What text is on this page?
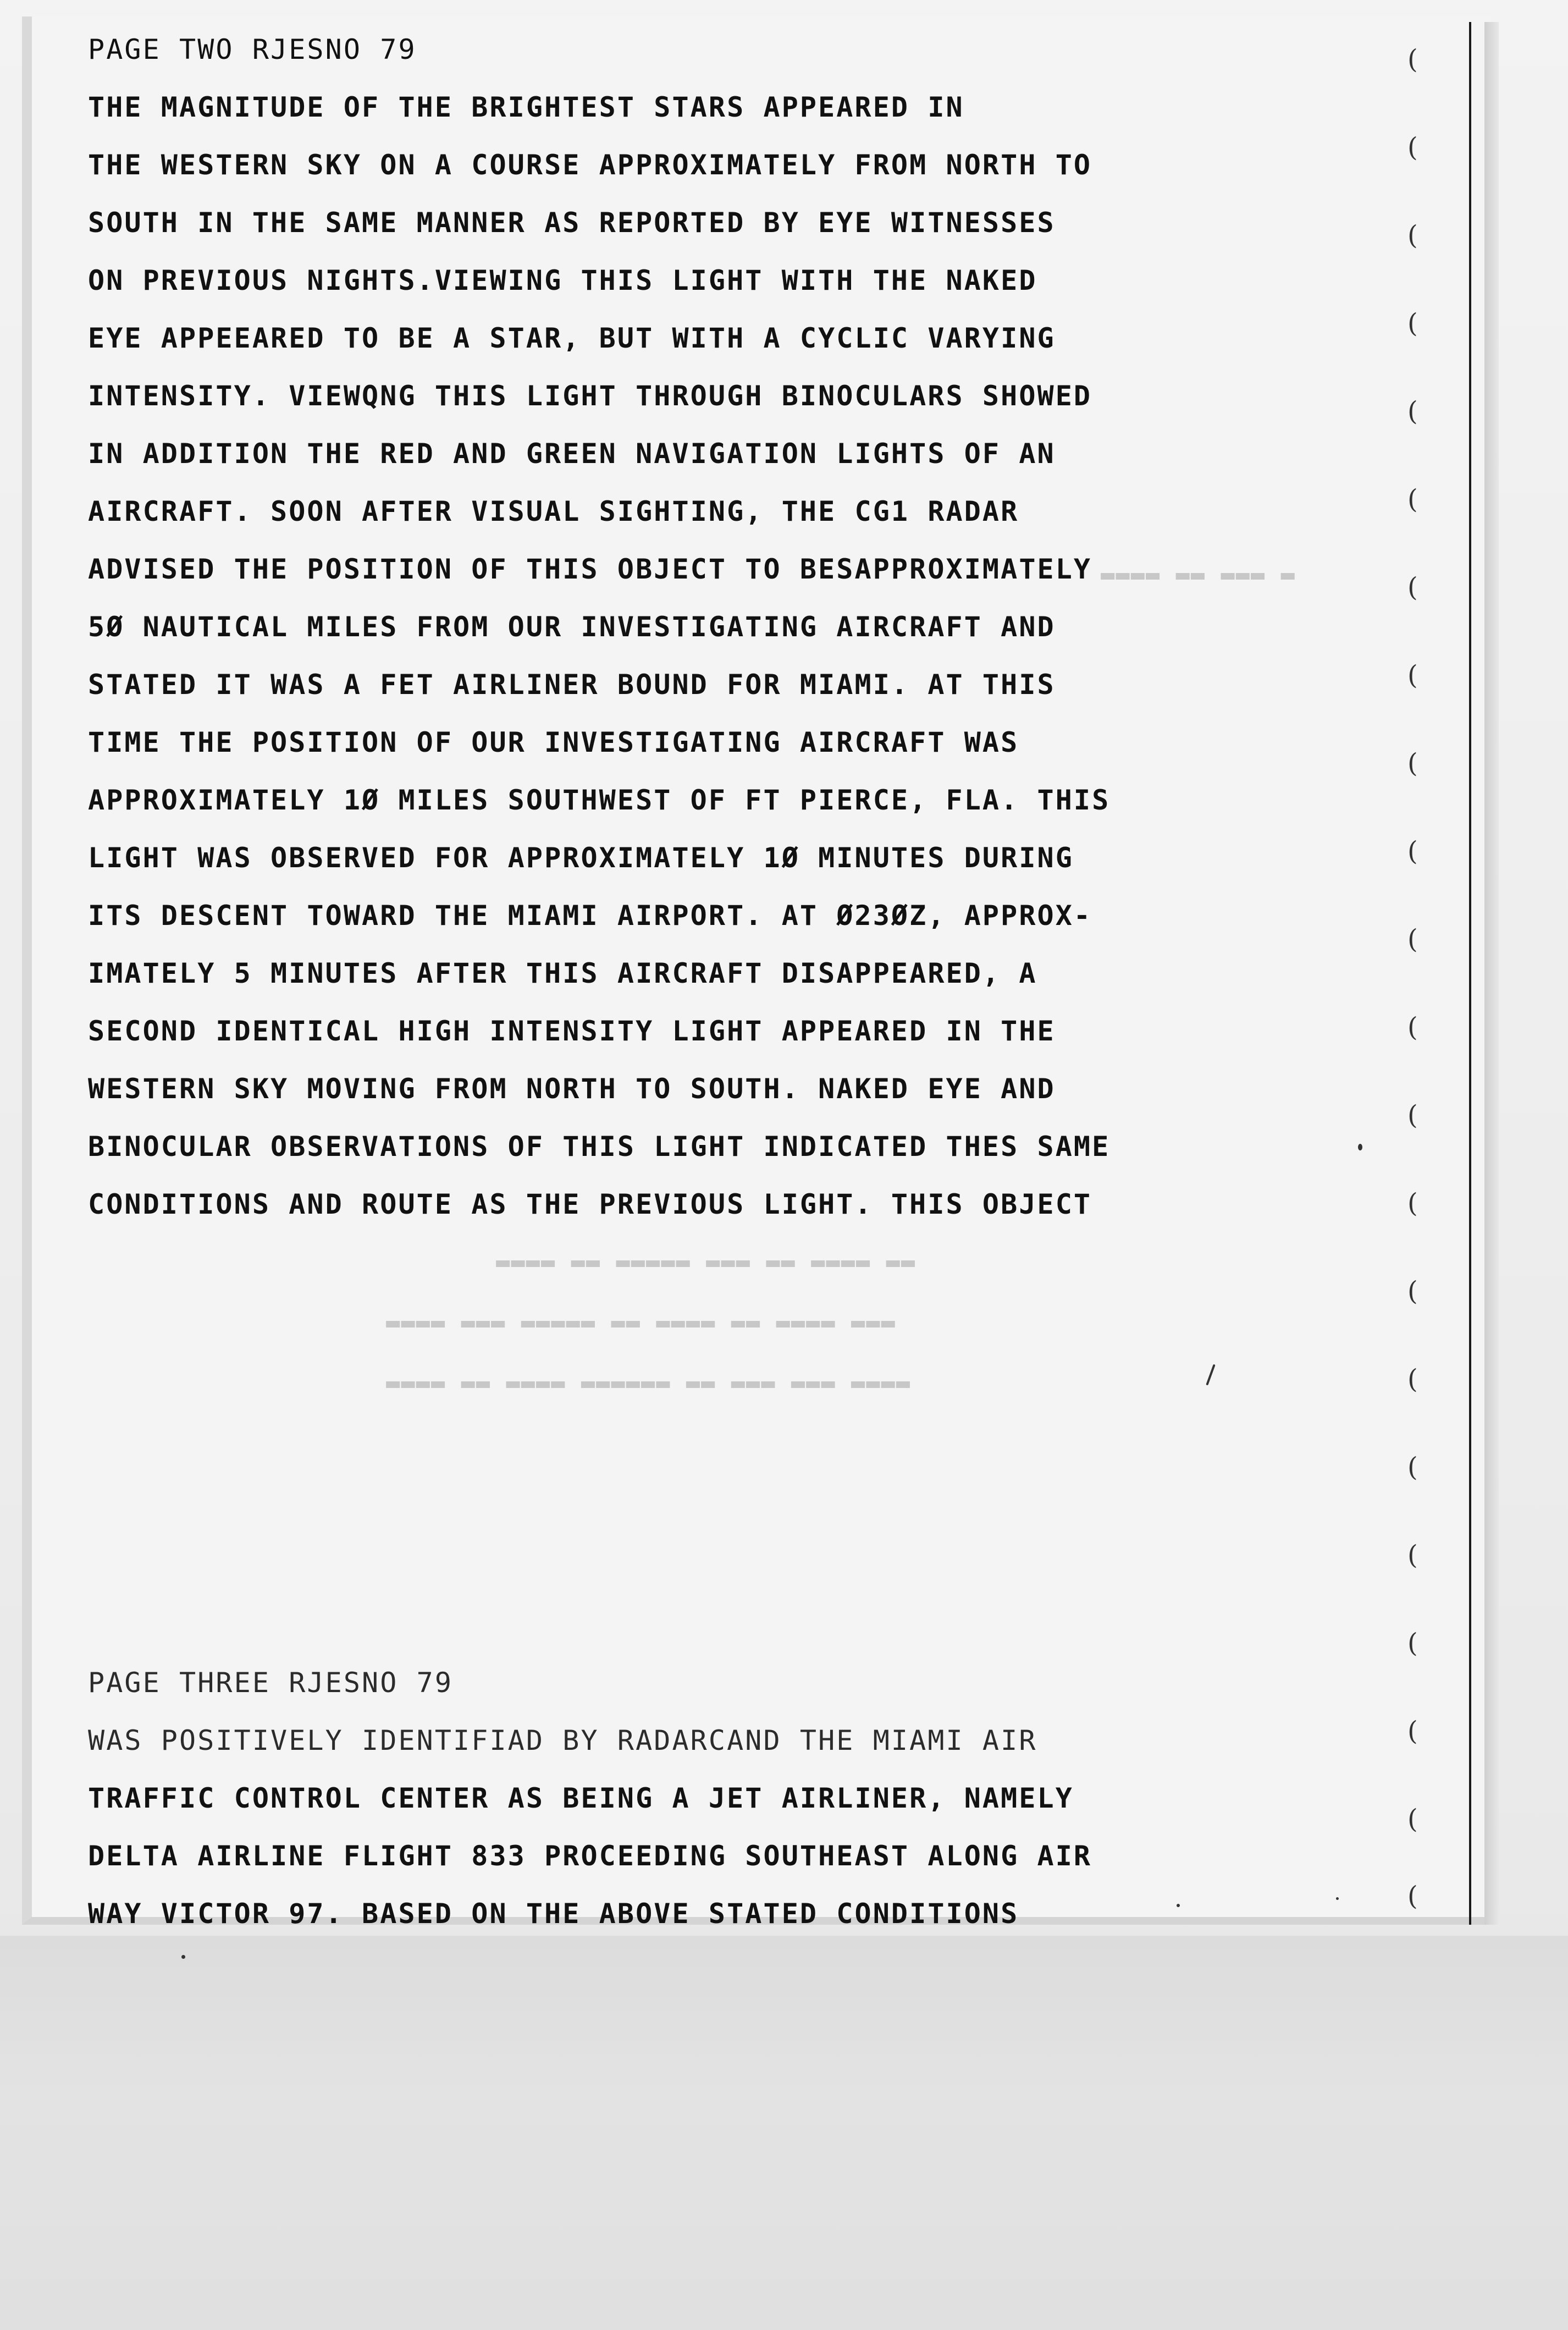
▬ ▬▬▬ ▬▬ ▬▬▬▬
▬▬ ▬▬▬▬ ▬▬ ▬▬▬ ▬▬▬▬▬ ▬▬ ▬▬▬▬
▬▬▬ ▬▬▬▬ ▬▬ ▬▬▬▬ ▬▬ ▬▬▬▬▬ ▬▬▬ ▬▬▬▬
▬▬▬▬ ▬▬▬ ▬▬▬ ▬▬ ▬▬▬▬▬▬ ▬▬▬▬ ▬▬ ▬▬▬▬
(
(
(
(
(
(
(
(
(
(
(
(
(
(
(
(
(
(
(
(
(
(
PAGE TWO RJESNO 79
THE MAGNITUDE OF THE BRIGHTEST STARS APPEARED IN
THE WESTERN SKY ON A COURSE APPROXIMATELY FROM NORTH TO
SOUTH IN THE SAME MANNER AS REPORTED BY EYE WITNESSES
ON PREVIOUS NIGHTS.VIEWING THIS LIGHT WITH THE NAKED
EYE APPEEARED TO BE A STAR, BUT WITH A CYCLIC VARYING
INTENSITY. VIEWQNG THIS LIGHT THROUGH BINOCULARS SHOWED
IN ADDITION THE RED AND GREEN NAVIGATION LIGHTS OF AN
AIRCRAFT. SOON AFTER VISUAL SIGHTING, THE CG1 RADAR
ADVISED THE POSITION OF THIS OBJECT TO BESAPPROXIMATELY
5Ø NAUTICAL MILES FROM OUR INVESTIGATING AIRCRAFT AND
STATED IT WAS A FET AIRLINER BOUND FOR MIAMI. AT THIS
TIME THE POSITION OF OUR INVESTIGATING AIRCRAFT WAS
APPROXIMATELY 1Ø MILES SOUTHWEST OF FT PIERCE, FLA. THIS
LIGHT WAS OBSERVED FOR APPROXIMATELY 1Ø MINUTES DURING
ITS DESCENT TOWARD THE MIAMI AIRPORT. AT Ø23ØZ, APPROX-
IMATELY 5 MINUTES AFTER THIS AIRCRAFT DISAPPEARED, A
SECOND IDENTICAL HIGH INTENSITY LIGHT APPEARED IN THE
WESTERN SKY MOVING FROM NORTH TO SOUTH. NAKED EYE AND
BINOCULAR OBSERVATIONS OF THIS LIGHT INDICATED THES SAME
CONDITIONS AND ROUTE AS THE PREVIOUS LIGHT. THIS OBJECT
PAGE THREE RJESNO 79
WAS POSITIVELY IDENTIFIAD BY RADARCAND THE MIAMI AIR
TRAFFIC CONTROL CENTER AS BEING A JET AIRLINER, NAMELY
DELTA AIRLINE FLIGHT 833 PROCEEDING SOUTHEAST ALONG AIR
WAY VICTOR 97. BASED ON THE ABOVE STATED CONDITIONS
